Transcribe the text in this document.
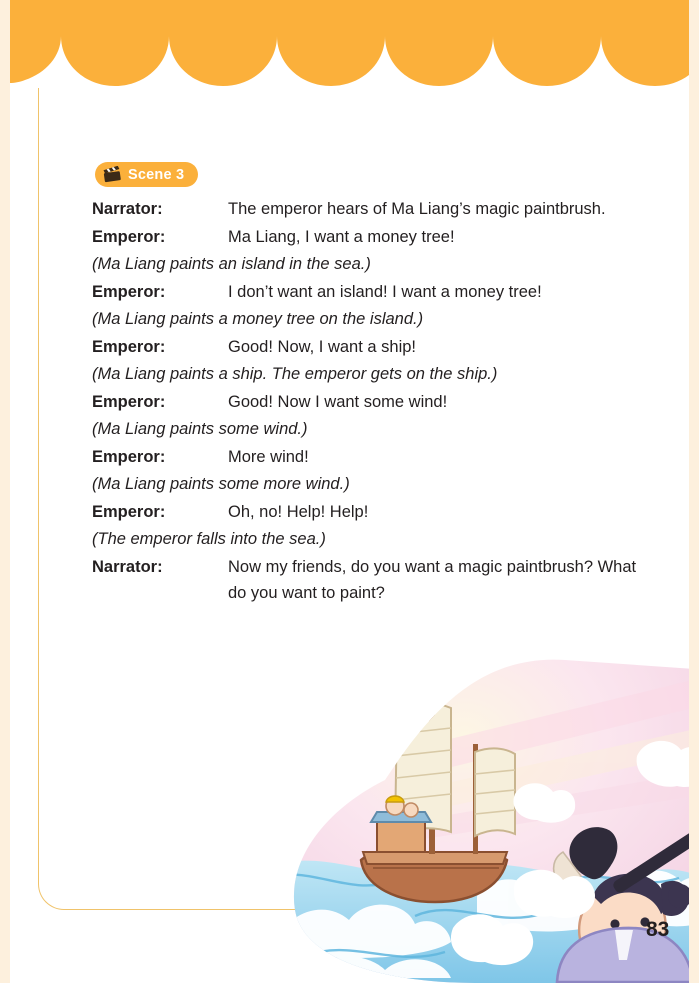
Scene 3
Narrator:	The emperor hears of Ma Liang’s magic paintbrush.
Emperor:	Ma Liang, I want a money tree!
(Ma Liang paints an island in the sea.)
Emperor:	I don’t want an island! I want a money tree!
(Ma Liang paints a money tree on the island.)
Emperor:	Good! Now, I want a ship!
(Ma Liang paints a ship. The emperor gets on the ship.)
Emperor:	Good! Now I want some wind!
(Ma Liang paints some wind.)
Emperor:	More wind!
(Ma Liang paints some more wind.)
Emperor:	Oh, no! Help! Help!
(The emperor falls into the sea.)
Narrator:	Now my friends, do you want a magic paintbrush? What do you want to paint?
83
